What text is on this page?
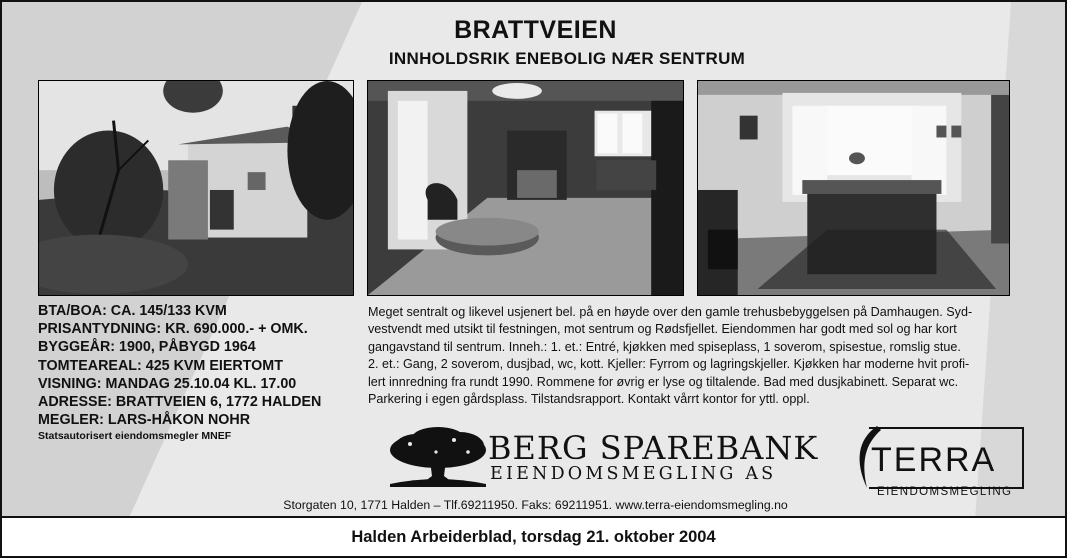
BRATTVEIEN
INNHOLDSRIK ENEBOLIG NÆR SENTRUM
BTA/BOA: CA. 145/133 KVM
PRISANTYDNING: KR. 690.000.- + OMK.
BYGGEÅR: 1900, PÅBYGD 1964
TOMTEAREAL: 425 KVM EIERTOMT
VISNING: MANDAG 25.10.04 KL. 17.00
ADRESSE: BRATTVEIEN 6, 1772 HALDEN
MEGLER: LARS-HÅKON NOHR
Statsautorisert eiendomsmegler MNEF
Meget sentralt og likevel usjenert bel. på en høyde over den gamle trehusbebyggelsen på Damhaugen. Syd-
vestvendt med utsikt til festningen, mot sentrum og Rødsfjellet. Eiendommen har godt med sol og har kort
gangavstand til sentrum. Inneh.: 1. et.: Entré, kjøkken med spiseplass, 1 soverom, spisestue, romslig stue.
2. et.: Gang, 2 soverom, dusjbad, wc, kott. Kjeller: Fyrrom og lagringskjeller. Kjøkken har moderne hvit profi-
lert innredning fra rundt 1990. Rommene for øvrig er lyse og tiltalende. Bad med dusjkabinett. Separat wc.
Parkering i egen gårdsplass. Tilstandsrapport. Kontakt vårrt kontor for yttl. oppl.
BERG SPAREBANK
EIENDOMSMEGLING AS	TERRA
EIENDOMSMEGLING
Storgaten 10, 1771 Halden – Tlf.69211950. Faks: 69211951. www.terra-eiendomsmegling.no
Halden Arbeiderblad, torsdag 21. oktober 2004
